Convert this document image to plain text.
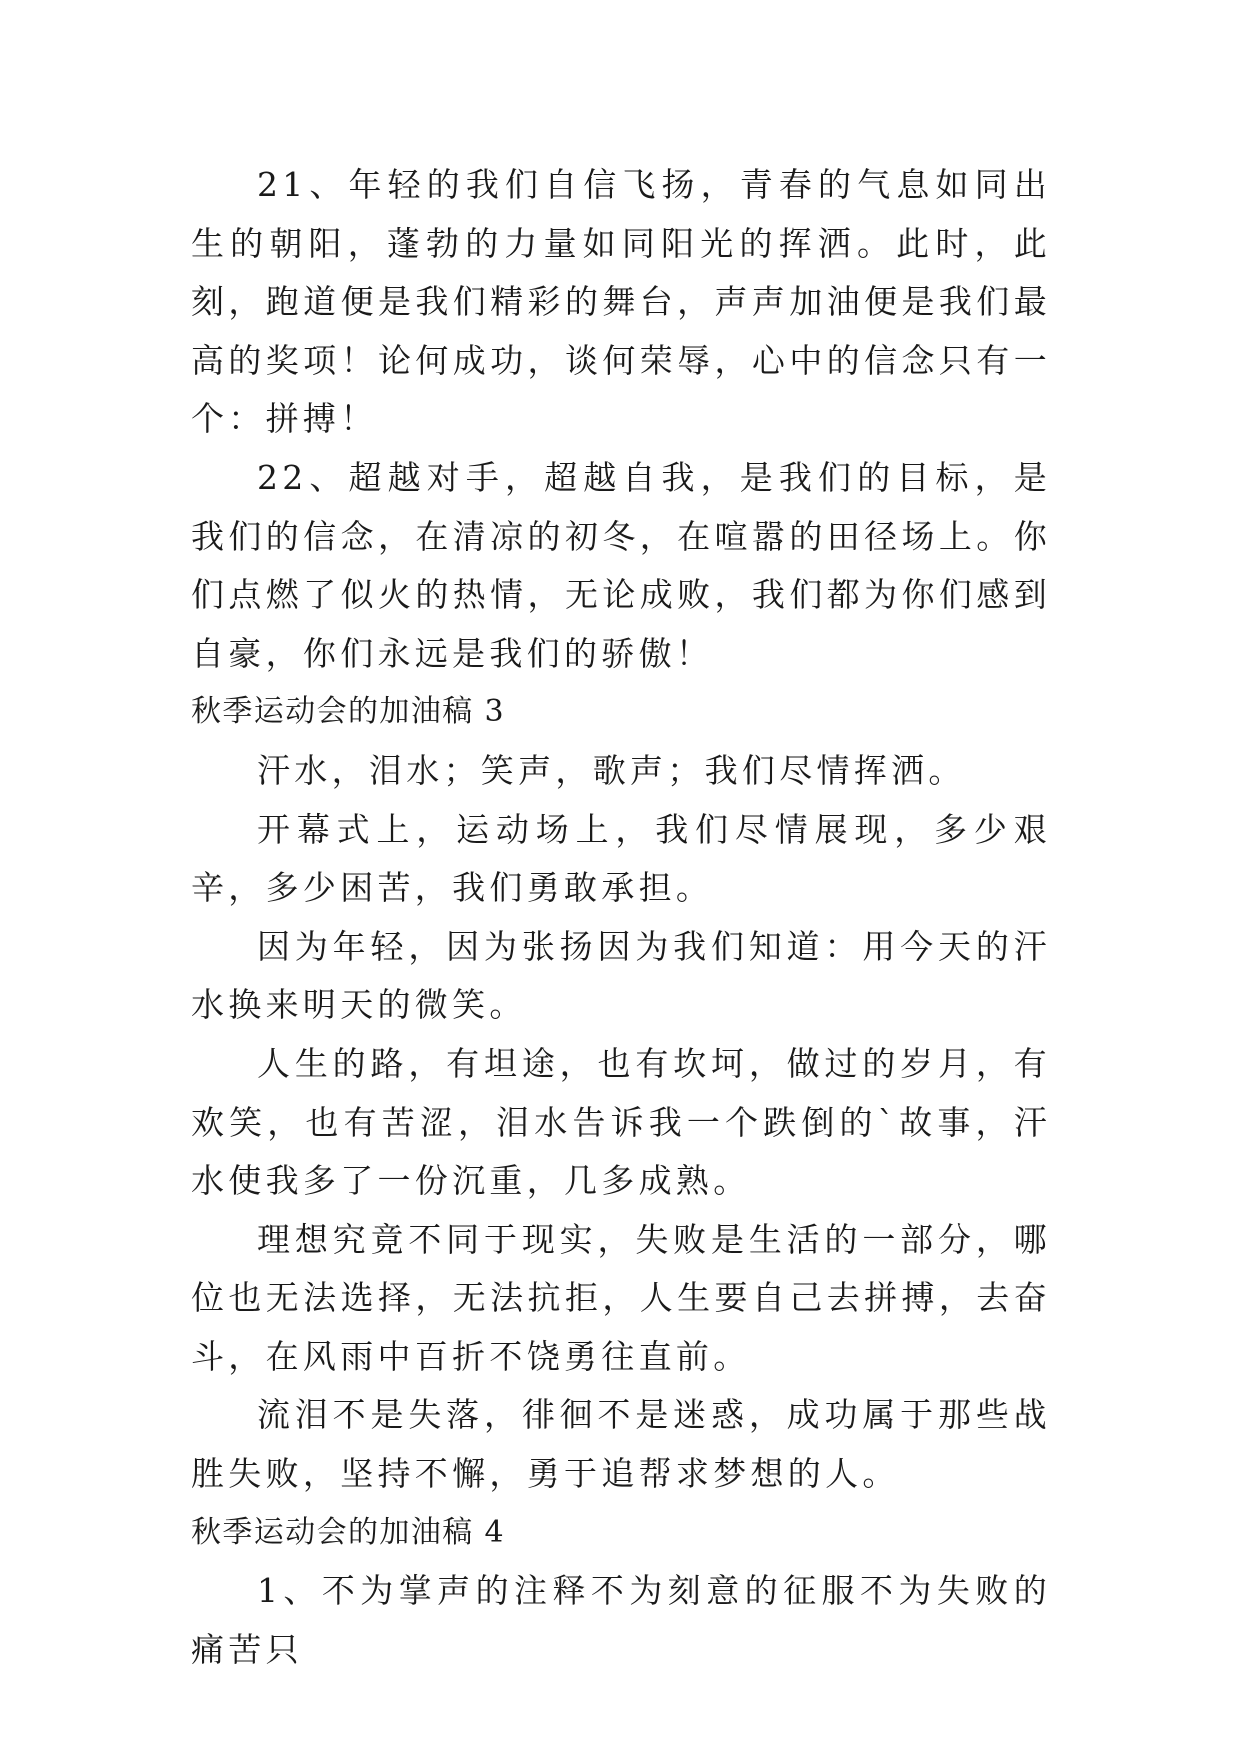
21、年轻的我们自信飞扬，青春的气息如同出生的朝阳，蓬勃的力量如同阳光的挥洒。此时，此刻，跑道便是我们精彩的舞台，声声加油便是我们最高的奖项！论何成功，谈何荣辱，心中的信念只有一个：拼搏！

22、超越对手，超越自我，是我们的目标，是我们的信念，在清凉的初冬，在喧嚣的田径场上。你们点燃了似火的热情，无论成败，我们都为你们感到自豪，你们永远是我们的骄傲！

秋季运动会的加油稿 3

汗水，泪水；笑声，歌声；我们尽情挥洒。

开幕式上，运动场上，我们尽情展现，多少艰辛，多少困苦，我们勇敢承担。

因为年轻，因为张扬因为我们知道：用今天的汗水换来明天的微笑。

人生的路，有坦途，也有坎坷，做过的岁月，有欢笑，也有苦涩，泪水告诉我一个跌倒的`故事，汗水使我多了一份沉重，几多成熟。

理想究竟不同于现实，失败是生活的一部分，哪位也无法选择，无法抗拒，人生要自己去拼搏，去奋斗，在风雨中百折不饶勇往直前。

流泪不是失落，徘徊不是迷惑，成功属于那些战胜失败，坚持不懈，勇于追帮求梦想的人。

秋季运动会的加油稿 4

1、不为掌声的注释不为刻意的征服不为失败的痛苦只
